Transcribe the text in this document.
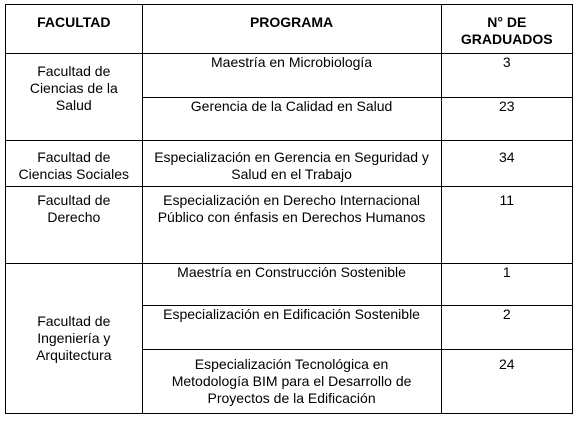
FACULTAD	PROGRAMA	N° DE GRADUADOS
Facultad de Ciencias de la Salud	Maestría en Microbiología	3
	Gerencia de la Calidad en Salud	23
Facultad de Ciencias Sociales	Especialización en Gerencia en Seguridad y Salud en el Trabajo	34
Facultad de Derecho	Especialización en Derecho Internacional Público con énfasis en Derechos Humanos	11
Facultad de Ingeniería y Arquitectura	Maestría en Construcción Sostenible	1
	Especialización en Edificación Sostenible	2
	Especialización Tecnológica en Metodología BIM para el Desarrollo de Proyectos de la Edificación	24
